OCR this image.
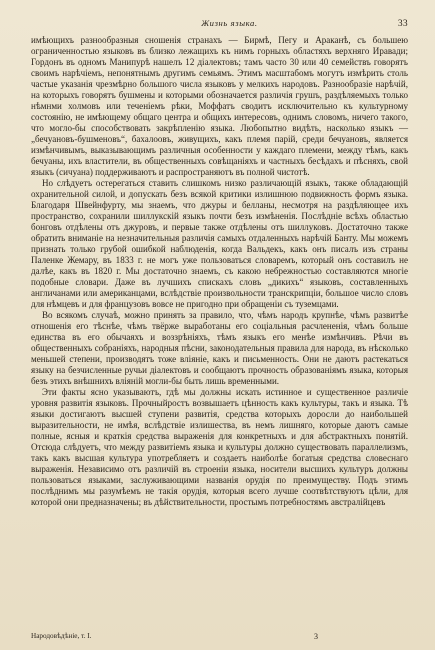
Жизнь языка.	33

имѣющихъ разнообразныя сношенія странахъ — Бирмѣ, Пегу и Араканѣ, съ большею ограниченностью языковъ въ близко лежащихъ къ нимъ горныхъ областяхъ верхняго Иравади; Гордонъ въ одномъ Манипурѣ нашелъ 12 діалектовъ; тамъ часто 30 или 40 семействъ говорятъ своимъ нарѣчіемъ, непонятнымъ другимъ семьямъ. Этимъ масштабомъ могутъ измѣрить столь частые указанія чрезмѣрно большого числа языковъ у мелкихъ народовъ. Разнообразіе нарѣчій, на которыхъ говорятъ бушмены и которыми обозначается различія грушъ, раздѣляемыхъ только нѣмнми холмовъ или теченіемъ рѣки, Моффатъ сводитъ исключительно къ культурному состоянію, не имѣющему общаго центра и общихъ интересовъ, однимъ словомъ, ничего такого, что могло-бы способствовать закрѣпленію языка. Любопытно видѣть, насколько языкъ — „бечуановъ-бушменовъ“, бахалоовъ, живущихъ, какъ племя парій, среди бечуановъ, является измѣнчивымъ, выказывающимъ различныя особенности у каждаго племени, между тѣмъ, какъ бечуаны, ихъ властители, въ общественныхъ совѣщаніяхъ и частныхъ бесѣдахъ и пѣсняхъ, свой языкъ (сичуана) поддерживаютъ и распространяютъ въ полной чистотѣ.

Но слѣдуетъ остерегаться ставить слишкомъ низко различающій языкъ, также обладающій охранительной силой, и допускать безъ всякой критики излишнюю подвижность формъ языка. Благодаря Швейнфурту, мы знаемъ, что джуры и белланы, несмотря на раздѣляющее ихъ пространство, сохранили шиллукскій языкъ почти безъ измѣненія. Послѣдніе всѣхъ областью бонговъ отдѣлены отъ джуровъ, и первые также отдѣлены отъ шиллуковъ. Достаточно также обратить вниманіе на незначительныя различія самыхъ отдаленныхъ нарѣчій Банту. Мы можемъ признать только грубой ошибкой наблюденія, когда Вальдекъ, какъ онъ писалъ изъ страны Паленке Жемару, въ 1833 г. не могъ уже пользоваться словаремъ, который онъ составилъ не далѣе, какъ въ 1820 г. Мы достаточно знаемъ, съ какою небрежностью составляются многіе подобные словари. Даже въ лучшихъ спискахъ словъ „дикихъ“ языковъ, составленныхъ англичанами или американцами, вслѣдствіе произвольности транскрипціи, большое число словъ для нѣмцевъ и для французовъ вовсе не пригодно при обращеніи съ туземцами.

Во всякомъ случаѣ, можно принять за правило, что, чѣмъ народъ крупнѣе, чѣмъ развитѣе отношенія его тѣснѣе, чѣмъ твёрже выработаны его соціальныя расчлененія, чѣмъ больше единства въ его обычаяхъ и воззрѣніяхъ, тѣмъ языкъ его менѣе измѣнчивъ. Рѣчи въ общественныхъ собраніяхъ, народныя пѣсни, законодательныя правила для народа, въ нѣсколько меньшей степени, производятъ тоже вліяніе, какъ и письменность. Они не даютъ растекаться языку на безчисленные ручьи діалектовъ и сообщаютъ прочность образованіямъ языка, которыя безъ этихъ внѣшнихъ вліяній могли-бы быть лишь временными.

Эти факты ясно указываютъ, гдѣ мы должны искать истинное и существенное различіе уровня развитія языковъ. Прочныйростъ возвышаетъ цѣнность какъ культуры, такъ и языка. Тѣ языки достигаютъ высшей ступени развитія, средства которыхъ доросли до наибольшей выразительности, не имѣя, вслѣдствіе излишества, въ немъ лишняго, которые даютъ самые полные, ясныя и краткія средства выраженія для конкретныхъ и для абстрактныхъ понятій. Отсюда слѣдуетъ, что между развитіемъ языка и культуры должно существовать параллелизмъ, такъ какъ высшая культура употребляетъ и создаетъ наиболѣе богатыя средства словеснаго выраженія. Независимо отъ различій въ строеніи языка, носители высшихъ культуръ должны пользоваться языками, заслуживающими названія орудія по преимуществу. Подъ этимъ послѣднимъ мы разумѣемъ не такія орудія, которыя всего лучше соотвѣтствуютъ цѣли, для которой они предназначены; въ дѣйствительности, простымъ потребностямъ австралійцевъ

Народовѣдѣніе, т. I.	3
